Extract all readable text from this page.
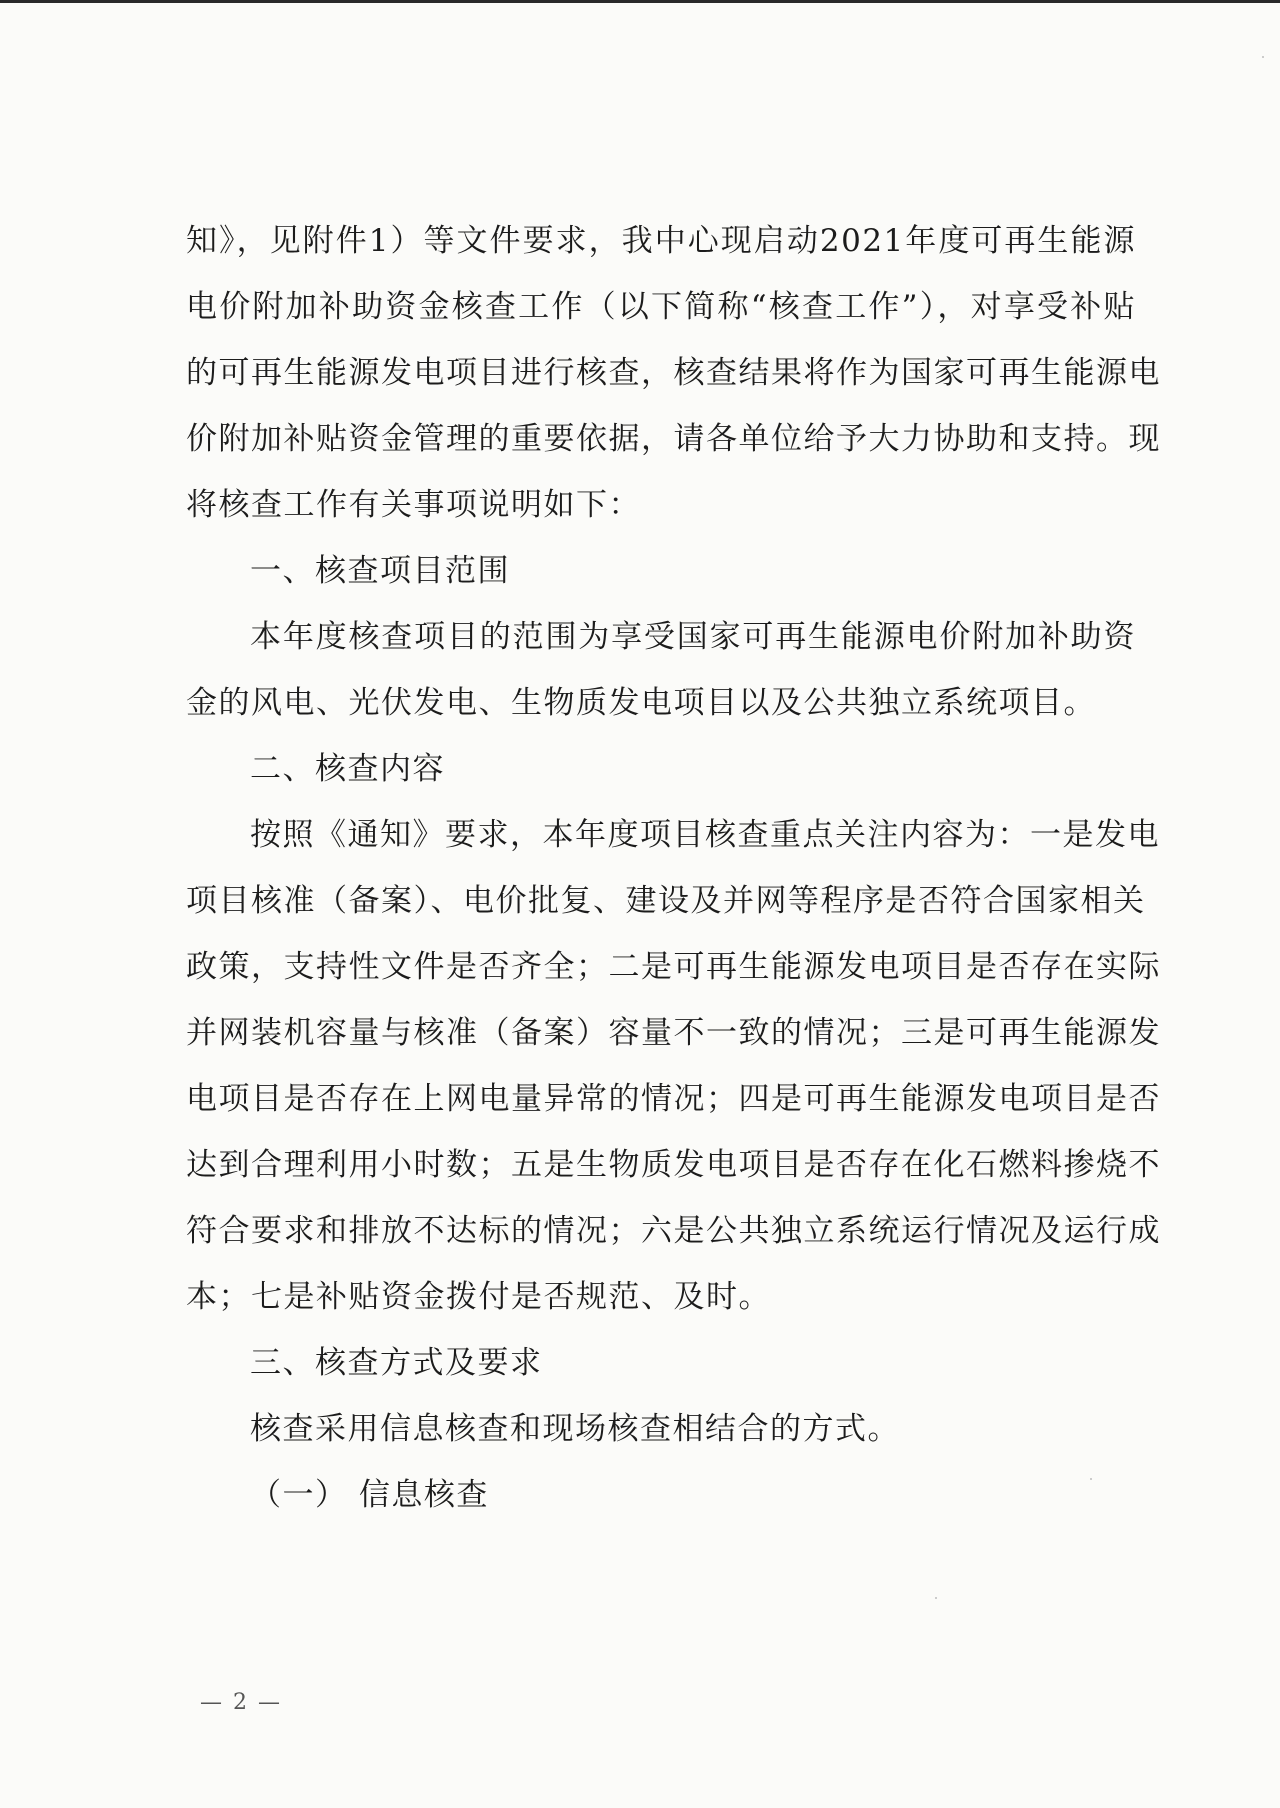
知》，见附件1）等文件要求，我中心现启动2021年度可再生能源
电价附加补助资金核查工作（以下简称“核查工作”），对享受补贴
的可再生能源发电项目进行核查，核查结果将作为国家可再生能源电
价附加补贴资金管理的重要依据，请各单位给予大力协助和支持。现
将核查工作有关事项说明如下：
一、核查项目范围
本年度核查项目的范围为享受国家可再生能源电价附加补助资
金的风电、光伏发电、生物质发电项目以及公共独立系统项目。
二、核查内容
按照《通知》要求，本年度项目核查重点关注内容为：一是发电
项目核准（备案）、电价批复、建设及并网等程序是否符合国家相关
政策，支持性文件是否齐全；二是可再生能源发电项目是否存在实际
并网装机容量与核准（备案）容量不一致的情况；三是可再生能源发
电项目是否存在上网电量异常的情况；四是可再生能源发电项目是否
达到合理利用小时数；五是生物质发电项目是否存在化石燃料掺烧不
符合要求和排放不达标的情况；六是公共独立系统运行情况及运行成
本；七是补贴资金拨付是否规范、及时。
三、核查方式及要求
核查采用信息核查和现场核查相结合的方式。
（一） 信息核查
— 2 —
